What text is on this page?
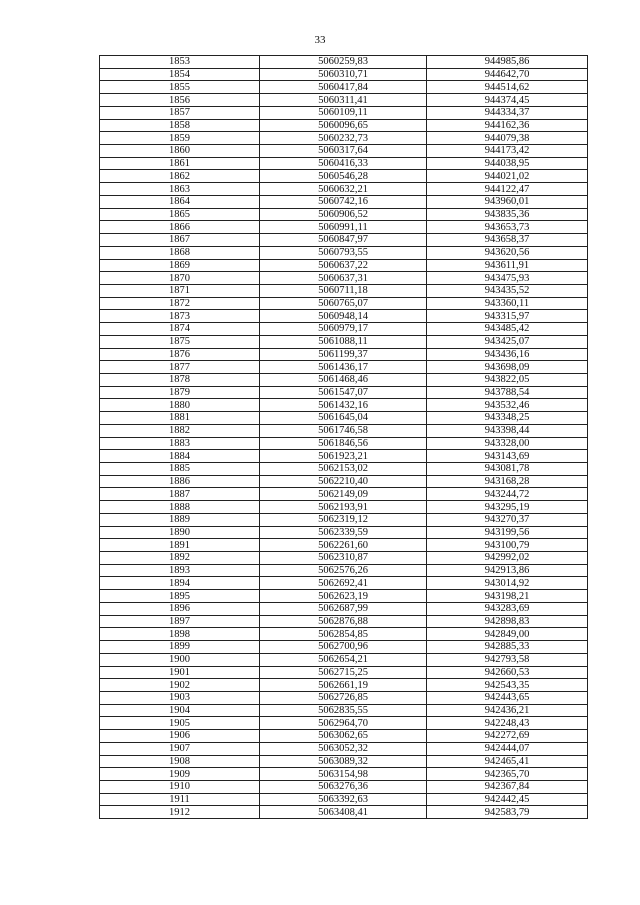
33
1853	5060259,83	944985,86
1854	5060310,71	944642,70
1855	5060417,84	944514,62
1856	5060311,41	944374,45
1857	5060109,11	944334,37
1858	5060096,65	944162,36
1859	5060232,73	944079,38
1860	5060317,64	944173,42
1861	5060416,33	944038,95
1862	5060546,28	944021,02
1863	5060632,21	944122,47
1864	5060742,16	943960,01
1865	5060906,52	943835,36
1866	5060991,11	943653,73
1867	5060847,97	943658,37
1868	5060793,55	943620,56
1869	5060637,22	943611,91
1870	5060637,31	943475,93
1871	5060711,18	943435,52
1872	5060765,07	943360,11
1873	5060948,14	943315,97
1874	5060979,17	943485,42
1875	5061088,11	943425,07
1876	5061199,37	943436,16
1877	5061436,17	943698,09
1878	5061468,46	943822,05
1879	5061547,07	943788,54
1880	5061432,16	943532,46
1881	5061645,04	943348,25
1882	5061746,58	943398,44
1883	5061846,56	943328,00
1884	5061923,21	943143,69
1885	5062153,02	943081,78
1886	5062210,40	943168,28
1887	5062149,09	943244,72
1888	5062193,91	943295,19
1889	5062319,12	943270,37
1890	5062339,59	943199,56
1891	5062261,60	943100,79
1892	5062310,87	942992,02
1893	5062576,26	942913,86
1894	5062692,41	943014,92
1895	5062623,19	943198,21
1896	5062687,99	943283,69
1897	5062876,88	942898,83
1898	5062854,85	942849,00
1899	5062700,96	942885,33
1900	5062654,21	942793,58
1901	5062715,25	942660,53
1902	5062661,19	942543,35
1903	5062726,85	942443,65
1904	5062835,55	942436,21
1905	5062964,70	942248,43
1906	5063062,65	942272,69
1907	5063052,32	942444,07
1908	5063089,32	942465,41
1909	5063154,98	942365,70
1910	5063276,36	942367,84
1911	5063392,63	942442,45
1912	5063408,41	942583,79
